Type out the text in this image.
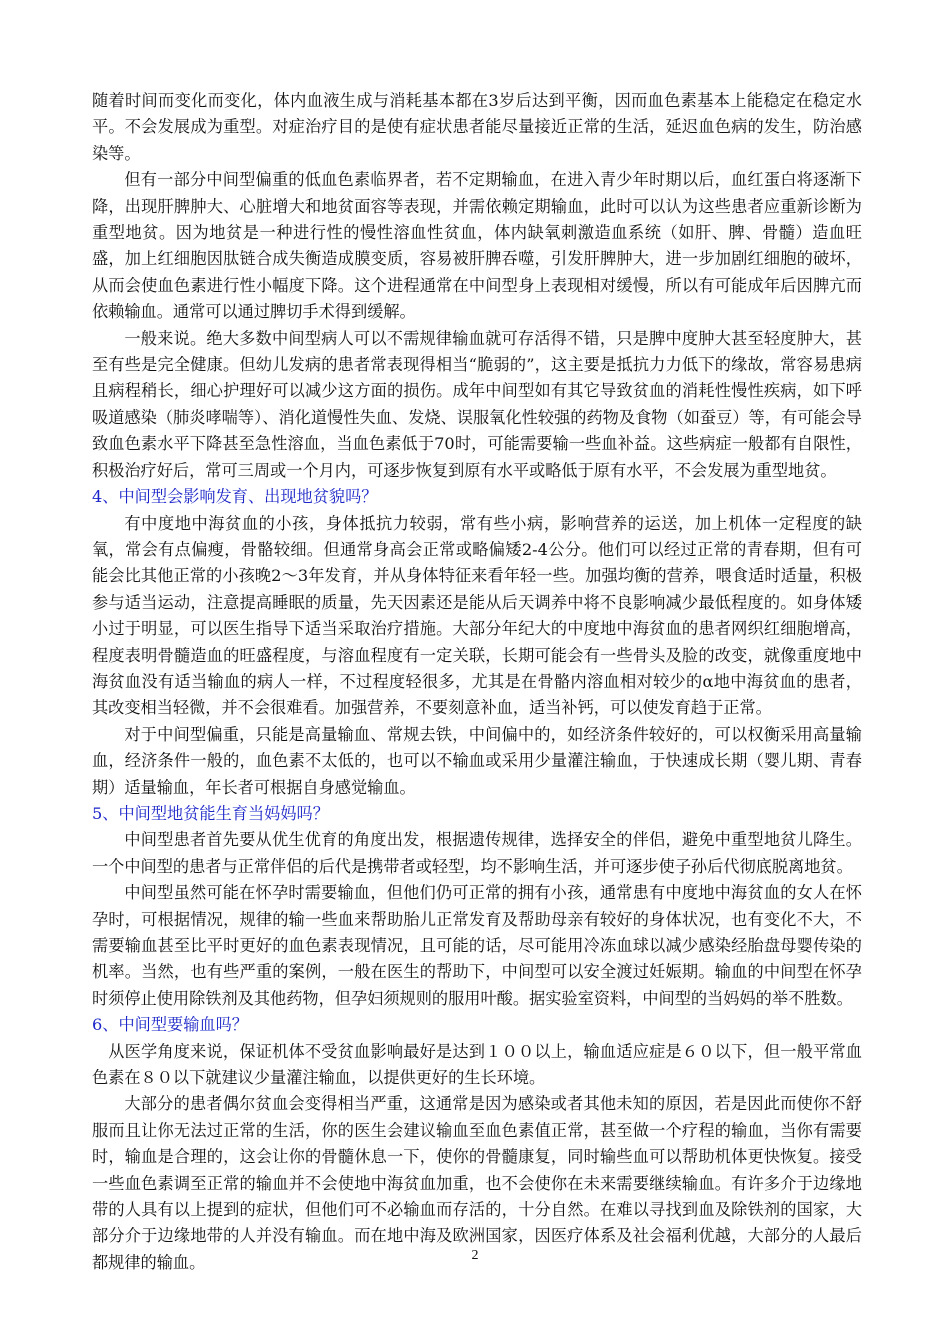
随着时间而变化而变化，体内血液生成与消耗基本都在3岁后达到平衡，因而血色素基本上能稳定在稳定水平。不会发展成为重型。对症治疗目的是使有症状患者能尽量接近正常的生活，延迟血色病的发生，防治感染等。

但有一部分中间型偏重的低血色素临界者，若不定期输血，在进入青少年时期以后，血红蛋白将逐渐下降，出现肝脾肿大、心脏增大和地贫面容等表现，并需依赖定期输血，此时可以认为这些患者应重新诊断为重型地贫。因为地贫是一种进行性的慢性溶血性贫血，体内缺氧刺激造血系统（如肝、脾、骨髓）造血旺盛，加上红细胞因肽链合成失衡造成膜变质，容易被肝脾吞噬，引发肝脾肿大，进一步加剧红细胞的破坏，从而会使血色素进行性小幅度下降。这个进程通常在中间型身上表现相对缓慢，所以有可能成年后因脾亢而依赖输血。通常可以通过脾切手术得到缓解。

一般来说。绝大多数中间型病人可以不需规律输血就可存活得不错，只是脾中度肿大甚至轻度肿大，甚至有些是完全健康。但幼儿发病的患者常表现得相当“脆弱的”，这主要是抵抗力力低下的缘故，常容易患病且病程稍长，细心护理好可以减少这方面的损伤。成年中间型如有其它导致贫血的消耗性慢性疾病，如下呼吸道感染（肺炎哮喘等）、消化道慢性失血、发烧、误服氧化性较强的药物及食物（如蚕豆）等，有可能会导致血色素水平下降甚至急性溶血，当血色素低于70时，可能需要输一些血补益。这些病症一般都有自限性，积极治疗好后，常可三周或一个月内，可逐步恢复到原有水平或略低于原有水平，不会发展为重型地贫。

4、中间型会影响发育、出现地贫貌吗？

有中度地中海贫血的小孩，身体抵抗力较弱，常有些小病，影响营养的运送，加上机体一定程度的缺氧，常会有点偏瘦，骨骼较细。但通常身高会正常或略偏矮2-4公分。他们可以经过正常的青春期，但有可能会比其他正常的小孩晚2～3年发育，并从身体特征来看年轻一些。加强均衡的营养，喂食适时适量，积极参与适当运动，注意提高睡眠的质量，先天因素还是能从后天调养中将不良影响减少最低程度的。如身体矮小过于明显，可以医生指导下适当采取治疗措施。大部分年纪大的中度地中海贫血的患者网织红细胞增高，程度表明骨髓造血的旺盛程度，与溶血程度有一定关联，长期可能会有一些骨头及脸的改变，就像重度地中海贫血没有适当输血的病人一样，不过程度轻很多，尤其是在骨骼内溶血相对较少的α地中海贫血的患者，其改变相当轻微，并不会很难看。加强营养，不要刻意补血，适当补钙，可以使发育趋于正常。

对于中间型偏重，只能是高量输血、常规去铁，中间偏中的，如经济条件较好的，可以权衡采用高量输血，经济条件一般的，血色素不太低的，也可以不输血或采用少量灌注输血，于快速成长期（婴儿期、青春期）适量输血，年长者可根据自身感觉输血。

5、中间型地贫能生育当妈妈吗？

中间型患者首先要从优生优育的角度出发，根据遗传规律，选择安全的伴侣，避免中重型地贫儿降生。一个中间型的患者与正常伴侣的后代是携带者或轻型，均不影响生活，并可逐步使子孙后代彻底脱离地贫。

中间型虽然可能在怀孕时需要输血，但他们仍可正常的拥有小孩，通常患有中度地中海贫血的女人在怀孕时，可根据情况，规律的输一些血来帮助胎儿正常发育及帮助母亲有较好的身体状况，也有变化不大，不需要输血甚至比平时更好的血色素表现情况，且可能的话，尽可能用冷冻血球以减少感染经胎盘母婴传染的机率。当然，也有些严重的案例，一般在医生的帮助下，中间型可以安全渡过妊娠期。输血的中间型在怀孕时须停止使用除铁剂及其他药物，但孕妇须规则的服用叶酸。据实验室资料，中间型的当妈妈的举不胜数。

6、中间型要输血吗？

从医学角度来说，保证机体不受贫血影响最好是达到１００以上，输血适应症是６０以下，但一般平常血色素在８０以下就建议少量灌注输血，以提供更好的生长环境。

大部分的患者偶尔贫血会变得相当严重，这通常是因为感染或者其他未知的原因，若是因此而使你不舒服而且让你无法过正常的生活，你的医生会建议输血至血色素值正常，甚至做一个疗程的输血，当你有需要时，输血是合理的，这会让你的骨髓休息一下，使你的骨髓康复，同时输些血可以帮助机体更快恢复。接受一些血色素调至正常的输血并不会使地中海贫血加重，也不会使你在未来需要继续输血。有许多介于边缘地带的人具有以上提到的症状，但他们可不必输血而存活的，十分自然。在难以寻找到血及除铁剂的国家，大部分介于边缘地带的人并没有输血。而在地中海及欧洲国家，因医疗体系及社会福利优越，大部分的人最后都规律的输血。	2
